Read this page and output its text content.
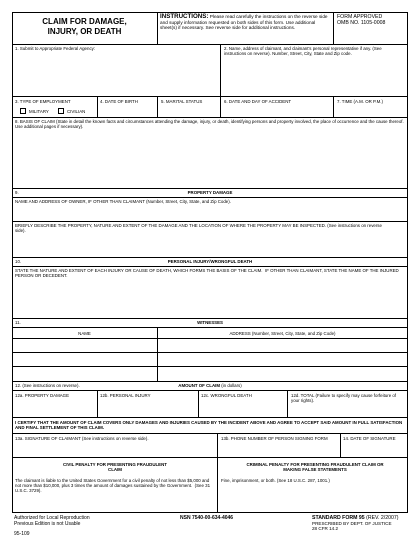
CLAIM FOR DAMAGE,
INJURY, OR DEATH
INSTRUCTIONS: Please read carefully the instructions on the reverse side and supply information requested on both sides of this form. Use additional sheet(s) if necessary. See reverse side for additional instructions.
FORM APPROVED
OMB NO. 1105-0008
1. Submit to Appropriate Federal Agency:	2. Name, address of claimant, and claimant's personal representative if any. (See instructions on reverse). Number, Street, City, State and Zip code.
3. TYPE OF EMPLOYMENT
MILITARY	CIVILIAN
4. DATE OF BIRTH	5. MARITAL STATUS	6. DATE AND DAY OF ACCIDENT	7. TIME (A.M. OR P.M.)
8. BASIS OF CLAIM (State in detail the known facts and circumstances attending the damage, injury, or death, identifying persons and property involved, the place of occurrence and the cause thereof. Use additional pages if necessary).
9.	PROPERTY DAMAGE
NAME AND ADDRESS OF OWNER, IF OTHER THAN CLAIMANT (Number, Street, City, State, and Zip Code).
BRIEFLY DESCRIBE THE PROPERTY, NATURE AND EXTENT OF THE DAMAGE AND THE LOCATION OF WHERE THE PROPERTY MAY BE INSPECTED. (See instructions on reverse side).
10.	PERSONAL INJURY/WRONGFUL DEATH
STATE THE NATURE AND EXTENT OF EACH INJURY OR CAUSE OF DEATH, WHICH FORMS THE BASIS OF THE CLAIM.  IF OTHER THAN CLAIMANT, STATE THE NAME OF THE INJURED PERSON OR DECEDENT.
11.	WITNESSES
NAME	ADDRESS (Number, Street, City, State, and Zip Code)
12. (See instructions on reverse).	AMOUNT OF CLAIM (in dollars)
12a. PROPERTY DAMAGE	12b. PERSONAL INJURY	12c. WRONGFUL DEATH	12d. TOTAL (Failure to specify may cause forfeiture of your rights).
I CERTIFY THAT THE AMOUNT OF CLAIM COVERS ONLY DAMAGES AND INJURIES CAUSED BY THE INCIDENT ABOVE AND AGREE TO ACCEPT SAID AMOUNT IN FULL SATISFACTION AND FINAL SETTLEMENT OF THIS CLAIM.
13a. SIGNATURE OF CLAIMANT (See instructions on reverse side).	13b. PHONE NUMBER OF PERSON SIGNING FORM	14. DATE OF SIGNATURE
CIVIL PENALTY FOR PRESENTING FRAUDULENT CLAIM
The claimant is liable to the United States Government for a civil penalty of not less than $5,000 and not more than $10,000, plus 3 times the amount of damages sustained by the Government.  (See 31 U.S.C. 3729).
CRIMINAL PENALTY FOR PRESENTING FRAUDULENT CLAIM OR MAKING FALSE STATEMENTS
Fine, imprisonment, or both. (See 18 U.S.C. 287, 1001.)
Authorized for Local Reproduction
Previous Edition is not Usable
95-109
NSN 7540-00-634-4046	STANDARD FORM 95 (REV. 2/2007)
PRESCRIBED BY DEPT. OF JUSTICE
28 CFR 14.2
